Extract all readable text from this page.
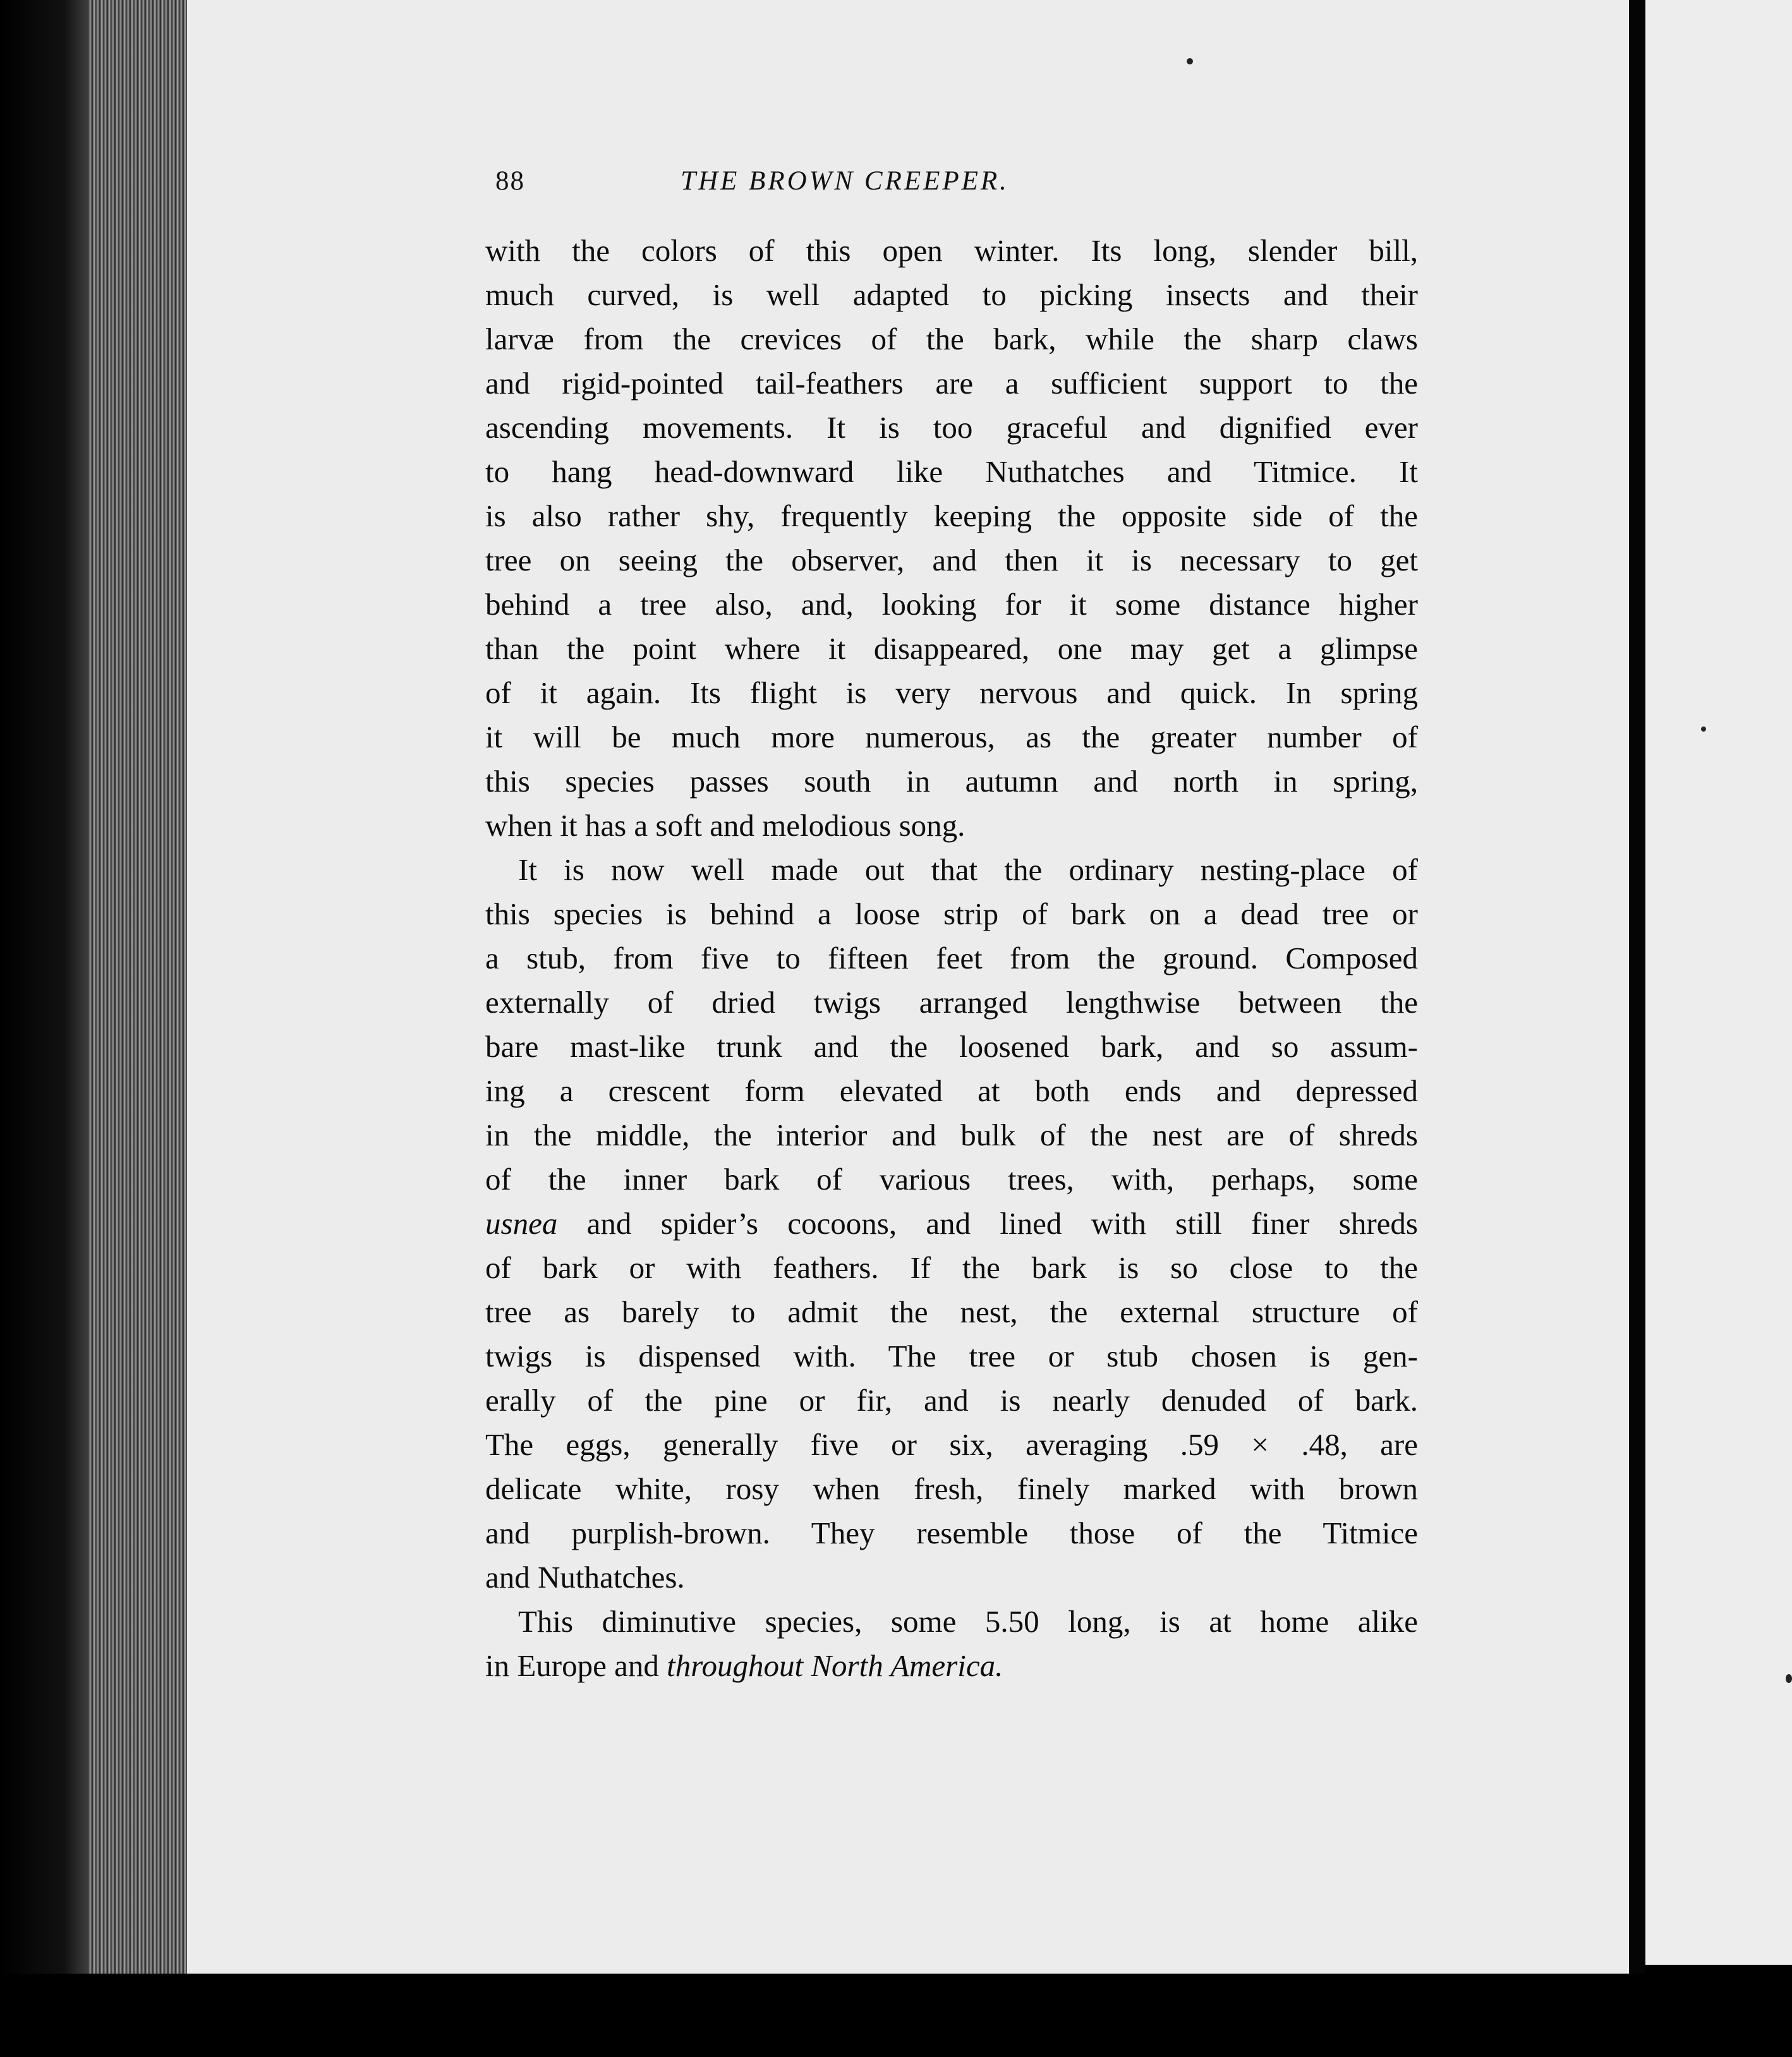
88	THE BROWN CREEPER.
with the colors of this open winter. Its long, slender bill,
much curved, is well adapted to picking insects and their
larvæ from the crevices of the bark, while the sharp claws
and rigid-pointed tail-feathers are a sufficient support to the
ascending movements. It is too graceful and dignified ever
to hang head-downward like Nuthatches and Titmice. It
is also rather shy, frequently keeping the opposite side of the
tree on seeing the observer, and then it is necessary to get
behind a tree also, and, looking for it some distance higher
than the point where it disappeared, one may get a glimpse
of it again. Its flight is very nervous and quick. In spring
it will be much more numerous, as the greater number of
this species passes south in autumn and north in spring,
when it has a soft and melodious song.
It is now well made out that the ordinary nesting-place of
this species is behind a loose strip of bark on a dead tree or
a stub, from five to fifteen feet from the ground. Composed
externally of dried twigs arranged lengthwise between the
bare mast-like trunk and the loosened bark, and so assum-
ing a crescent form elevated at both ends and depressed
in the middle, the interior and bulk of the nest are of shreds
of the inner bark of various trees, with, perhaps, some
usnea and spider’s cocoons, and lined with still finer shreds
of bark or with feathers. If the bark is so close to the
tree as barely to admit the nest, the external structure of
twigs is dispensed with. The tree or stub chosen is gen-
erally of the pine or fir, and is nearly denuded of bark.
The eggs, generally five or six, averaging .59 × .48, are
delicate white, rosy when fresh, finely marked with brown
and purplish-brown. They resemble those of the Titmice
and Nuthatches.
This diminutive species, some 5.50 long, is at home alike
in Europe and throughout North America.
